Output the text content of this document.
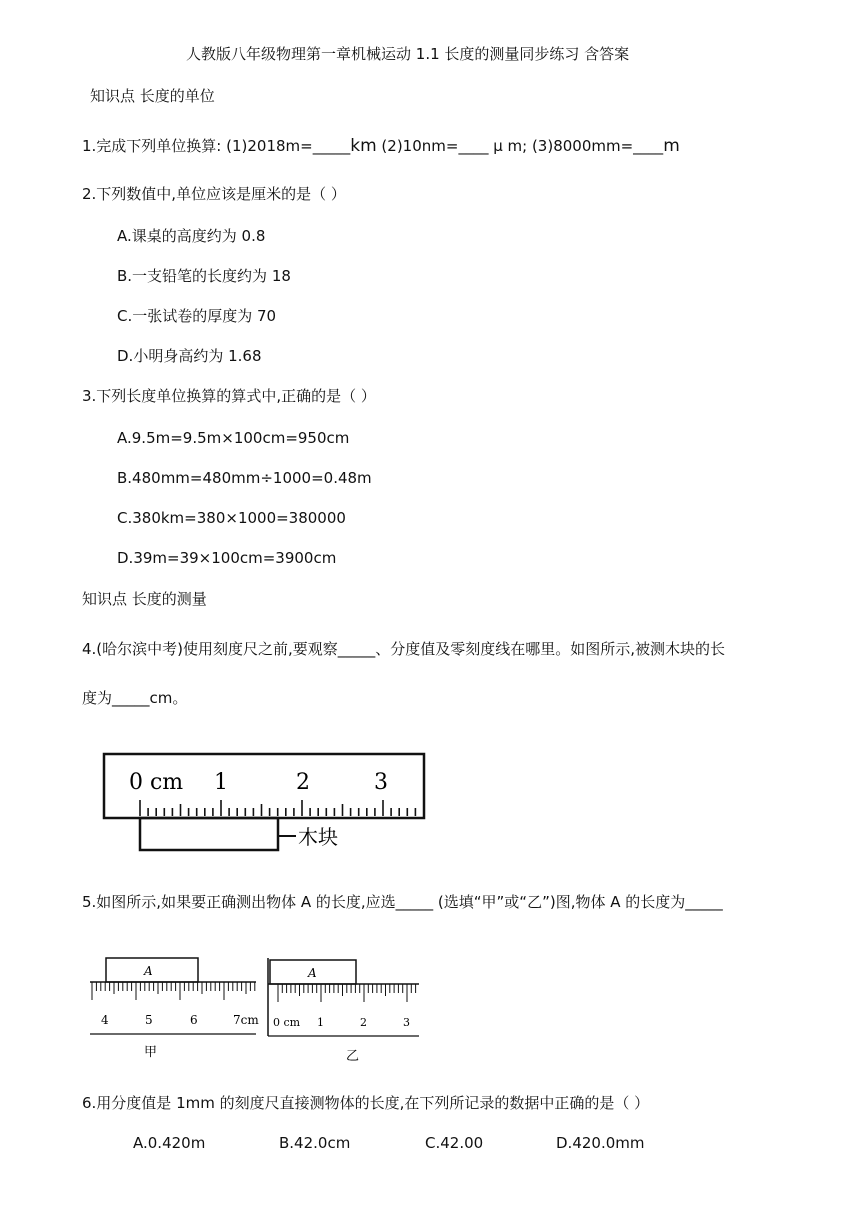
人教版八年级物理第一章机械运动 1.1 长度的测量同步练习 含答案
知识点 长度的单位
1.完成下列单位换算: (1)2018m=_____km (2)10nm=____ μ m; (3)8000mm=____m
2.下列数值中,单位应该是厘米的是（ ）
A.课桌的高度约为 0.8
B.一支铅笔的长度约为 18
C.一张试卷的厚度为 70
D.小明身高约为 1.68
3.下列长度单位换算的算式中,正确的是（ ）
A.9.5m=9.5m×100cm=950cm
B.480mm=480mm÷1000=0.48m
C.380km=380×1000=380000
D.39m=39×100cm=3900cm
知识点 长度的测量
4.(哈尔滨中考)使用刻度尺之前,要观察_____、分度值及零刻度线在哪里。如图所示,被测木块的长
度为_____cm。
0 cm 1	2	3
木块
5.如图所示,如果要正确测出物体 A 的长度,应选_____ (选填“甲”或“乙”)图,物体 A 的长度为_____
A
4	5	6	7cm
甲
A
0 cm 1	2	3
乙
6.用分度值是 1mm 的刻度尺直接测物体的长度,在下列所记录的数据中正确的是（ ）
A.0.420m	B.42.0cm	C.42.00	D.420.0mm
